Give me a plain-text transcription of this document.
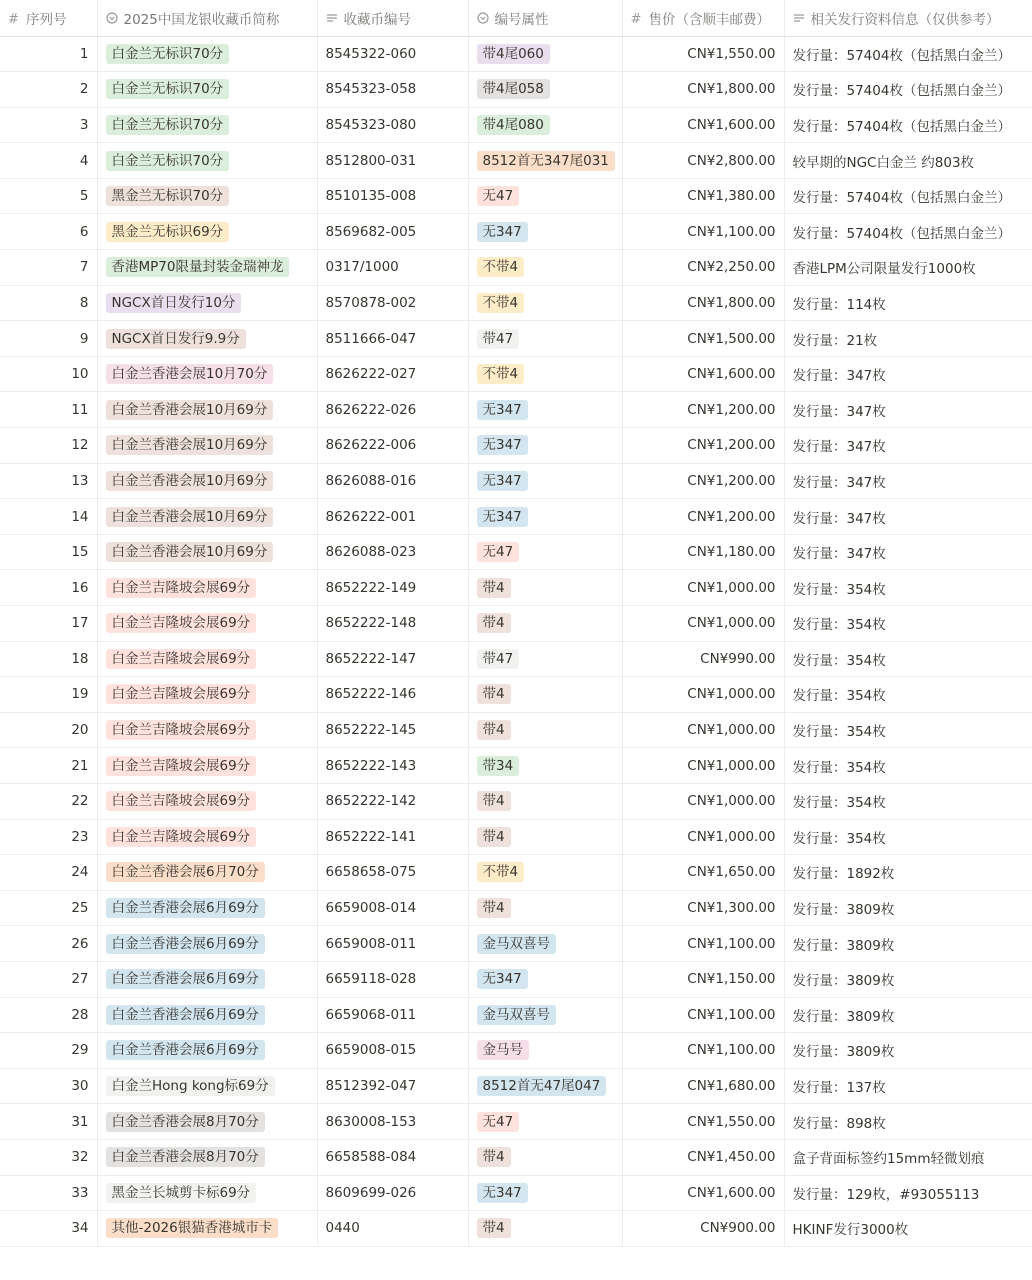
# 序列号	2025中国龙银收藏币简称	收藏币编号	编号属性	# 售价（含顺丰邮费）	相关发行资料信息（仅供参考）
1	白金兰无标识70分	8545322-060	带4尾060	CN¥1,550.00	发行量：57404枚（包括黑白金兰）
2	白金兰无标识70分	8545323-058	带4尾058	CN¥1,800.00	发行量：57404枚（包括黑白金兰）
3	白金兰无标识70分	8545323-080	带4尾080	CN¥1,600.00	发行量：57404枚（包括黑白金兰）
4	白金兰无标识70分	8512800-031	8512首无347尾031	CN¥2,800.00	较早期的NGC白金兰 约803枚
5	黑金兰无标识70分	8510135-008	无47	CN¥1,380.00	发行量：57404枚（包括黑白金兰）
6	黑金兰无标识69分	8569682-005	无347	CN¥1,100.00	发行量：57404枚（包括黑白金兰）
7	香港MP70限量封装金瑞神龙	0317/1000	不带4	CN¥2,250.00	香港LPM公司限量发行1000枚
8	NGCX首日发行10分	8570878-002	不带4	CN¥1,800.00	发行量：114枚
9	NGCX首日发行9.9分	8511666-047	带47	CN¥1,500.00	发行量：21枚
10	白金兰香港会展10月70分	8626222-027	不带4	CN¥1,600.00	发行量：347枚
11	白金兰香港会展10月69分	8626222-026	无347	CN¥1,200.00	发行量：347枚
12	白金兰香港会展10月69分	8626222-006	无347	CN¥1,200.00	发行量：347枚
13	白金兰香港会展10月69分	8626088-016	无347	CN¥1,200.00	发行量：347枚
14	白金兰香港会展10月69分	8626222-001	无347	CN¥1,200.00	发行量：347枚
15	白金兰香港会展10月69分	8626088-023	无47	CN¥1,180.00	发行量：347枚
16	白金兰吉隆坡会展69分	8652222-149	带4	CN¥1,000.00	发行量：354枚
17	白金兰吉隆坡会展69分	8652222-148	带4	CN¥1,000.00	发行量：354枚
18	白金兰吉隆坡会展69分	8652222-147	带47	CN¥990.00	发行量：354枚
19	白金兰吉隆坡会展69分	8652222-146	带4	CN¥1,000.00	发行量：354枚
20	白金兰吉隆坡会展69分	8652222-145	带4	CN¥1,000.00	发行量：354枚
21	白金兰吉隆坡会展69分	8652222-143	带34	CN¥1,000.00	发行量：354枚
22	白金兰吉隆坡会展69分	8652222-142	带4	CN¥1,000.00	发行量：354枚
23	白金兰吉隆坡会展69分	8652222-141	带4	CN¥1,000.00	发行量：354枚
24	白金兰香港会展6月70分	6658658-075	不带4	CN¥1,650.00	发行量：1892枚
25	白金兰香港会展6月69分	6659008-014	带4	CN¥1,300.00	发行量：3809枚
26	白金兰香港会展6月69分	6659008-011	金马双喜号	CN¥1,100.00	发行量：3809枚
27	白金兰香港会展6月69分	6659118-028	无347	CN¥1,150.00	发行量：3809枚
28	白金兰香港会展6月69分	6659068-011	金马双喜号	CN¥1,100.00	发行量：3809枚
29	白金兰香港会展6月69分	6659008-015	金马号	CN¥1,100.00	发行量：3809枚
30	白金兰Hong kong标69分	8512392-047	8512首无47尾047	CN¥1,680.00	发行量：137枚
31	白金兰香港会展8月70分	8630008-153	无47	CN¥1,550.00	发行量：898枚
32	白金兰香港会展8月70分	6658588-084	带4	CN¥1,450.00	盒子背面标签约15mm轻微划痕
33	黑金兰长城剪卡标69分	8609699-026	无347	CN¥1,600.00	发行量：129枚，#93055113
34	其他-2026银猫香港城市卡	0440	带4	CN¥900.00	HKINF发行3000枚
